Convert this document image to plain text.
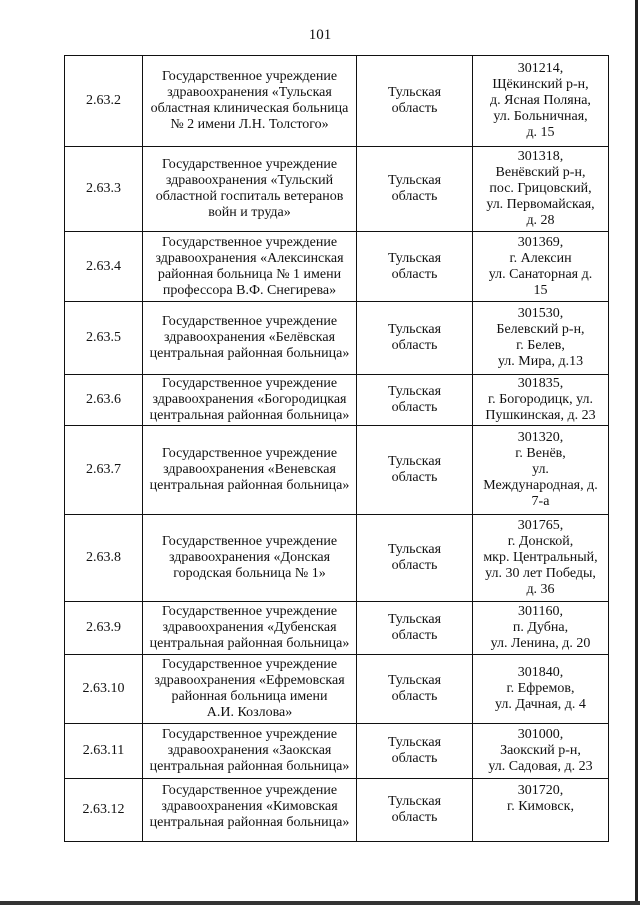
101
2.63.2	Государственное учреждение
здравоохранения «Тульская
областная клиническая больница
№ 2 имени Л.Н. Толстого»	Тульская
область	301214,
Щёкинский р-н,
д. Ясная Поляна,
ул. Больничная,
д. 15
2.63.3	Государственное учреждение
здравоохранения «Тульский
областной госпиталь ветеранов
войн и труда»	Тульская
область	301318,
Венёвский р-н,
пос. Грицовский,
ул. Первомайская,
д. 28
2.63.4	Государственное учреждение
здравоохранения «Алексинская
районная больница № 1 имени
профессора В.Ф. Снегирева»	Тульская
область	301369,
г. Алексин
ул. Санаторная д.
15
2.63.5	Государственное учреждение
здравоохранения «Белёвская
центральная районная больница»	Тульская
область	301530,
Белевский р-н,
г. Белев,
ул. Мира, д.13
2.63.6	Государственное учреждение
здравоохранения «Богородицкая
центральная районная больница»	Тульская
область	301835,
г. Богородицк, ул.
Пушкинская, д. 23
2.63.7	Государственное учреждение
здравоохранения «Веневская
центральная районная больница»	Тульская
область	301320,
г. Венёв,
ул.
Международная, д.
7-а
2.63.8	Государственное учреждение
здравоохранения «Донская
городская больница № 1»	Тульская
область	301765,
г. Донской,
мкр. Центральный,
ул. 30 лет Победы,
д. 36
2.63.9	Государственное учреждение
здравоохранения «Дубенская
центральная районная больница»	Тульская
область	301160,
п. Дубна,
ул. Ленина, д. 20
2.63.10	Государственное учреждение
здравоохранения «Ефремовская
районная больница имени
А.И. Козлова»	Тульская
область	301840,
г. Ефремов,
ул. Дачная, д. 4
2.63.11	Государственное учреждение
здравоохранения «Заокская
центральная районная больница»	Тульская
область	301000,
Заокский р-н,
ул. Садовая, д. 23
2.63.12	Государственное учреждение
здравоохранения «Кимовская
центральная районная больница»	Тульская
область	301720,
г. Кимовск,
